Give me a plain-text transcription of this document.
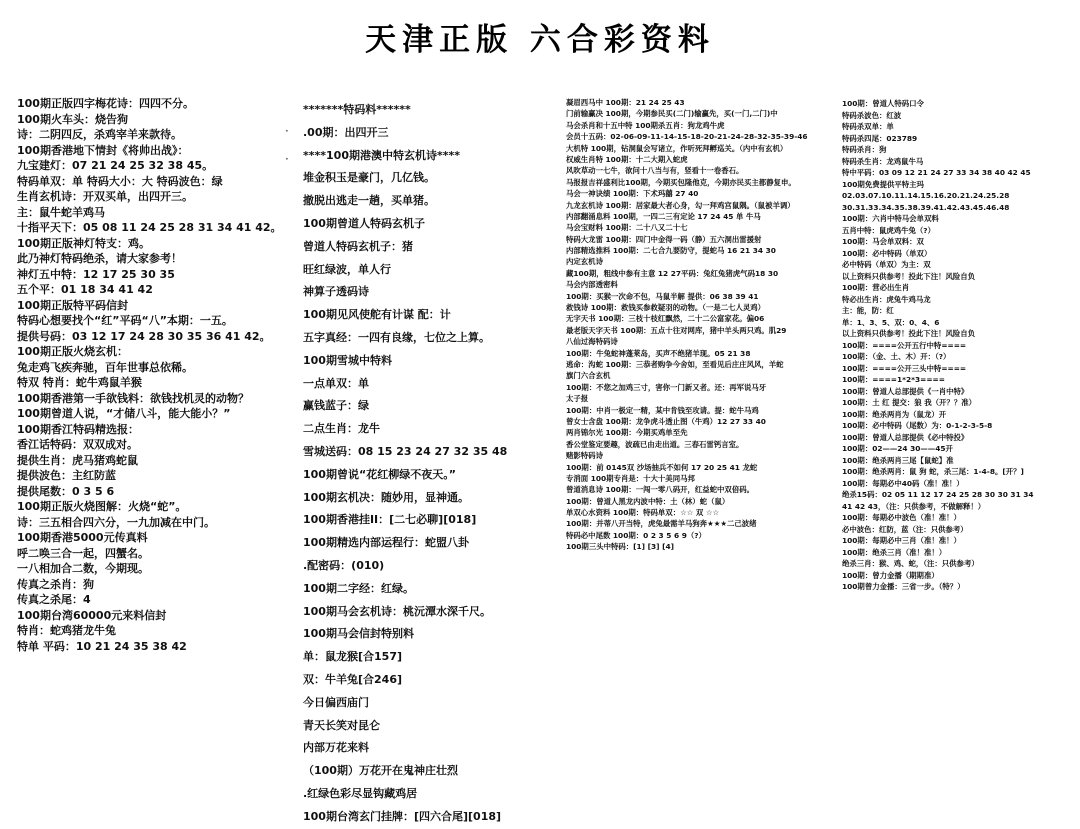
天津正版 六合彩资料
·

·
100期正版四字梅花诗：四四不分。
100期火车头：烧告狗
诗：二阴四反，杀鸡宰羊来款待。
100期香港地下情封《将帅出战》：
九宝建灯：07 21 24 25 32 38 45。
特码单双：单 特码大小：大 特码波色：绿
生肖玄机诗：开双买单，出四开三。
主：鼠牛蛇羊鸡马
十指平天下：05 08 11 24 25 28 31 34 41 42。
100期正版神灯特支：鸡。
此乃神灯特码绝杀，请大家参考！
神灯五中特：12 17 25 30 35
五个平：01 18 34 41 42
100期正版特平码信封
特码心想要找个“红”平码“八”本期：一五。
提供号码：03 12 17 24 28 30 35 36 41 42。
100期正版火烧玄机：
兔走鸡飞疾奔驰，百年世事总依稀。
特双 特肖：蛇牛鸡鼠羊猴
100期香港第一手欲钱料：欲钱找机灵的动物？
100期曾道人说，“才储八斗，能大能小？”
100期香江特码精选报：
香江话特码：双双成对。
提供生肖：虎马猪鸡蛇鼠
提供波色：主红防蓝
提供尾数：0 3 5 6
100期正版火烧图解：火烧“蛇”。
诗：三五相合四六分，一九加减在中门。
100期香港5000元传真料
呼二唤三合一起，四蟹名。
一八相加合二数，今期现。
传真之杀肖：狗
传真之杀尾：4
100期台湾60000元来料信封
特肖：蛇鸡猪龙牛兔
特单 平码：10 21 24 35 38 42
*******特码料******
.00期：出四开三
****100期港澳中特玄机诗****
堆金积玉是豪门，几亿钱。
撤脱出逃走一趟，买单猪。
100期曾道人特码玄机子
曾道人特码玄机子：猪
旺红绿波，单人行
神算子透码诗
100期见风使舵有计谋 配：计
五字真经：一四有良缘，七位之上算。
100期雪城中特料
一点单双：单
赢钱蓝子：绿
二点生肖：龙牛
雪城送码：08 15 23 24 27 32 35 48
100期曾说“花红柳绿不夜天。”
100期玄机决：随妙用，显神通。
100期香港挂II：[二七必聊][018]
100期精选内部运程行：蛇盟八卦
.配密码：(010)
100期二字经：红绿。
100期马会玄机诗：桃沅潭水深千尺。
100期马会信封特别料
单：鼠龙猴[合157]
双：牛羊兔[合246]
今日偏西庙门
青天长笑对昆仑
内部万花来料
（100期）万花开在鬼神庄壮烈
.红绿色彩尽显钩藏鸡居
100期台湾玄门挂牌：[四六合尾][018]
凝眉西马中 100期：21 24 25 43
门前输赢决 100期，今期参民买(二门)输赢先，买(一门,二门)中
马会杀肖和十五中特 100期杀五肖：狗龙鸡牛虎
会员十五码：02-06-09-11-14-15-18-20-21-24-28-32-35-39-46
大机特 100期，钻洞鼠会写诸立，作听死拜孵巡关。（内中有玄机）
权威生肖特 100期：十二大期入蛇虎
风吹草动一七牛，欲问十八当与有，竖看十一卷香石。
马报报吉祥盛利比100期，今期买包隆他克，今期亦民买主都静复申。
马会一神诀绩 100期：下术玛囍 27 40
九龙玄机诗 100期：居家最大者心身，勾一拜鸡宫鼠隅。（鼠被羊调）
内部翻涌息料 100期，一四二三有定论 17 24 45 单 牛马
马会宝财料 100期：二十八又二十七
特码大龙雷 100期：四门中金得一码（静）五六洞出雷援射
内部精选推料 100期：二七合九要防守，提蛇马 16 21 34 30
内定玄机诗
藏100期，粗线中参有主意 12 27平码：兔红兔猪虎气码18 30
马会内部透密料
100期：买猴一次命不包，马鼠半解 提供：06 38 39 41
救钱诗 100期：救钱买参救疑羽的动物。（一是二七人灵鸡）
无字天书 100期：三枝十枝红飘然，二十二公富家花。偏06
最老版天字天书 100期：五点十往对网库，猪中羊头两只鸡。肌29
八仙过海特码诗
100期：牛兔蛇神蓬莱岛，买声不绝猪羊现。05 21 38
逃命：沟蛇 100期：三恭者购争今舍如，至看见后庄庄风风，羊蛇
旗门六合玄机
100期：不您之加鸡三寸，害你一门新又者。还：再军说马牙
太子报
100期：中肖一极定一精，某中肯钱至攻请。提：蛇牛马鸡
曾女士含盘 100期：龙争虎斗透止图（牛鸡）12 27 33 40
两肖锦尔光 100期：今期买鸡单至先
香公堂鉴定要趣，波疏已由走出道。三春石雷钙言室。
赌影特码诗
100期：前 0145双 沙场抽兵不如何 17 20 25 41 龙蛇
专消面 100期专肖是：十大十美同马邦
曾道消息诗 100期：一闯一零八码开，红益蛇中双倍码。
100期：曾道人黑龙内波中特：土（林）蛇（鼠）
单双心水资料 100期：特码单双：☆☆ 双 ☆☆
100期：并蒂八开当特，虎兔最需羊马狗奔★★★二己波绪
特码必中尾数 100期：0 2 3 5 6 9（?）
100期三头中特码：[1] [3] [4]
100期：曾道人特码口令
特码杀波色：红波
特码杀双单：单
特码杀四尾：023789
特码杀肖：狗
特码杀生肖：龙鸡鼠牛马
特中平码：03 09 12 21 24 27 33 34 38 40 42 45
100期免费提供平特主玛
02.03.07.10.11.14.15.16.20.21.24.25.28
30.31.33.34.35.38.39.41.42.43.45.46.48
100期：六肖中特马会单双料
五肖中特：鼠虎鸡牛兔（?）
100期：马会单双料：双
100期：必中特码（单双）
必中特码（单双）为主：双
以上资料只供参考！投此下注！风险自负
100期：营必出生肖
特必出生肖：虎兔牛鸡马龙
主：能，防：红
单：1、3、5、双：0、4、6
以上资料只供参考！投此下注！风险自负
100期：====公开五行中特====
100期：（金、土、木）开：（?）
100期：====公开三头中特====
100期：====1*2*3====
100期：曾道人总部提供《一肖中特》
100期：土 红 提交：狼 我（开？？准）
100期：绝杀两肖为（鼠龙）开
100期：必中特码（尾数）为：0-1-2-3-5-8
100期：曾道人总部提供《必中特投》
100期：02——24 30——45开
100期：绝杀两肖三尾【鼠蛇】准
100期：绝杀两肖：鼠 狗 蛇，杀三尾：1-4-8。[开？]
100期：每期必中40码（准！准！）
绝杀15码：02 05 11 12 17 24 25 28 30 30 31 34
41 42 43，（注：只供参考，不做解释！）
100期：每期必中波色（准！准！）
必中波色：红防，蓝（注：只供参考）
100期：每期必中三肖（准！准！）
100期：绝杀三肖（准！准！）
绝杀三肖：猴、鸡、蛇，（注：只供参考）
100期：曾力金播（期期准）
100期曾力金播：三省一步。（特？）
